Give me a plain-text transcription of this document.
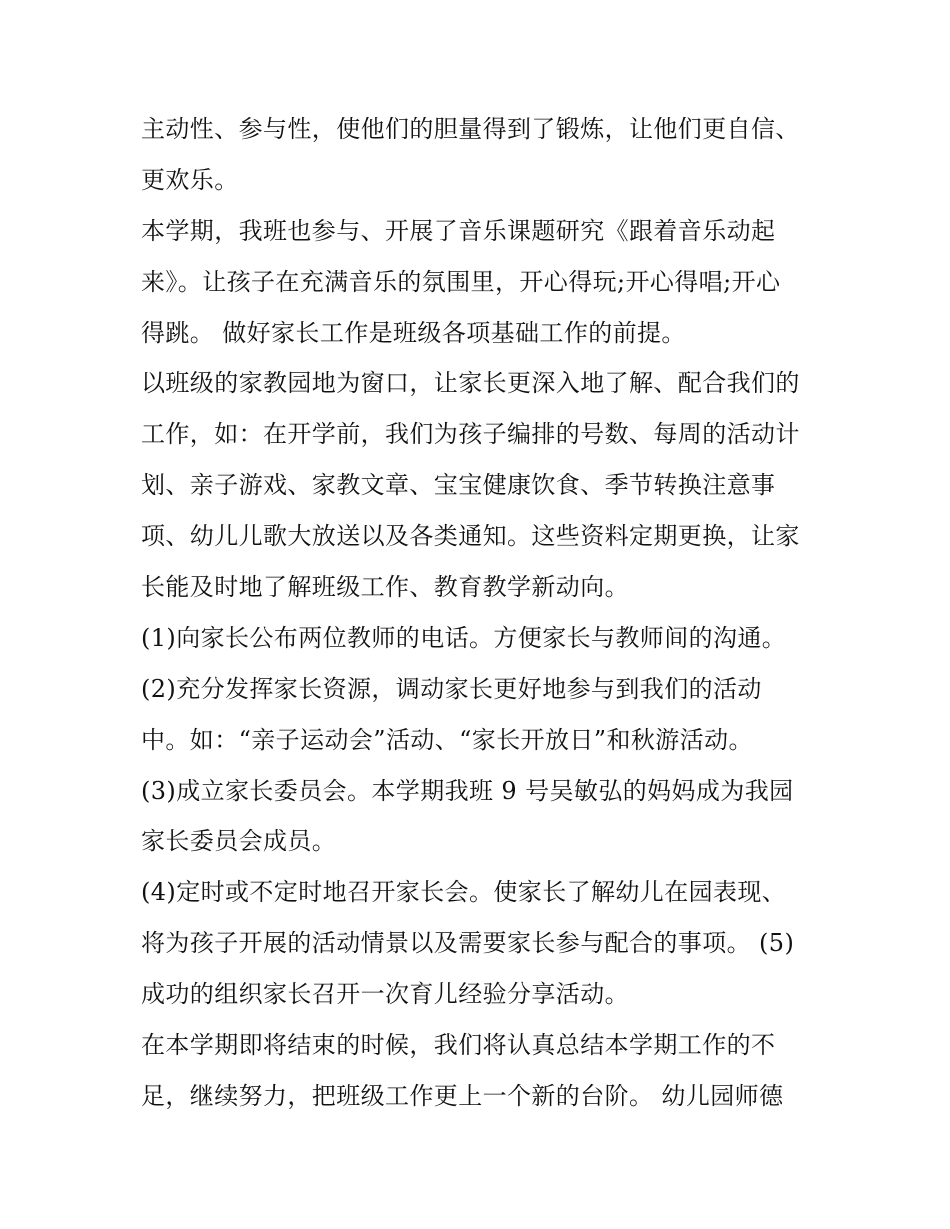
主动性、参与性，使他们的胆量得到了锻炼，让他们更自信、
更欢乐。
本学期，我班也参与、开展了音乐课题研究《跟着音乐动起
来》。让孩子在充满音乐的氛围里，开心得玩;开心得唱;开心
得跳。 做好家长工作是班级各项基础工作的前提。
以班级的家教园地为窗口，让家长更深入地了解、配合我们的
工作，如：在开学前，我们为孩子编排的号数、每周的活动计
划、亲子游戏、家教文章、宝宝健康饮食、季节转换注意事
项、幼儿儿歌大放送以及各类通知。这些资料定期更换，让家
长能及时地了解班级工作、教育教学新动向。
(1)向家长公布两位教师的电话。方便家长与教师间的沟通。
(2)充分发挥家长资源，调动家长更好地参与到我们的活动
中。如：“亲子运动会”活动、“家长开放日”和秋游活动。
(3)成立家长委员会。本学期我班 9 号吴敏弘的妈妈成为我园
家长委员会成员。
(4)定时或不定时地召开家长会。使家长了解幼儿在园表现、
将为孩子开展的活动情景以及需要家长参与配合的事项。 (5)
成功的组织家长召开一次育儿经验分享活动。
在本学期即将结束的时候，我们将认真总结本学期工作的不
足，继续努力，把班级工作更上一个新的台阶。 幼儿园师德
